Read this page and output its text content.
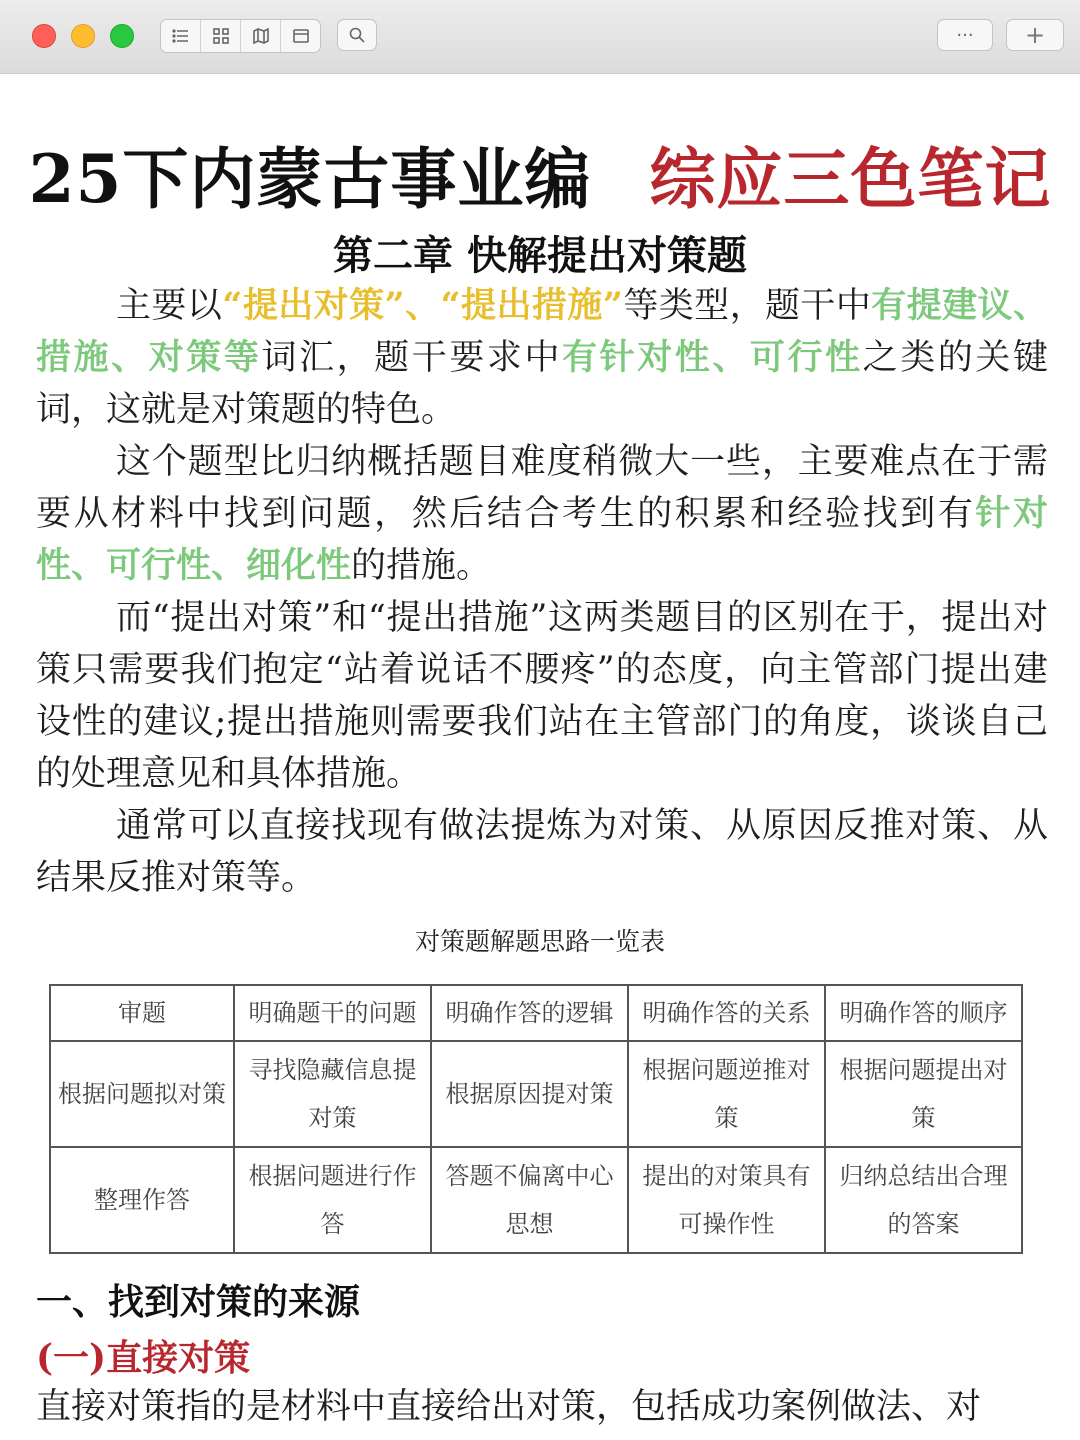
···	+
25下内蒙古事业编 综应三色笔记
第二章 快解提出对策题

主要以“提出对策”、“提出措施”等类型，题干中有提建议、措施、对策等词汇，题干要求中有针对性、可行性之类的关键词，这就是对策题的特色。

这个题型比归纳概括题目难度稍微大一些，主要难点在于需要从材料中找到问题，然后结合考生的积累和经验找到有针对性、可行性、细化性的措施。

而“提出对策”和“提出措施”这两类题目的区别在于，提出对策只需要我们抱定“站着说话不腰疼”的态度，向主管部门提出建设性的建议;提出措施则需要我们站在主管部门的角度，谈谈自己的处理意见和具体措施。

通常可以直接找现有做法提炼为对策、从原因反推对策、从结果反推对策等。

对策题解题思路一览表
审题	明确题干的问题	明确作答的逻辑	明确作答的关系	明确作答的顺序
根据问题拟对策	寻找隐藏信息提对策	根据原因提对策	根据问题逆推对策	根据问题提出对策
整理作答	根据问题进行作答	答题不偏离中心思想	提出的对策具有可操作性	归纳总结出合理的答案
一、找到对策的来源
(一)直接对策
直接对策指的是材料中直接给出对策，包括成功案例做法、对
